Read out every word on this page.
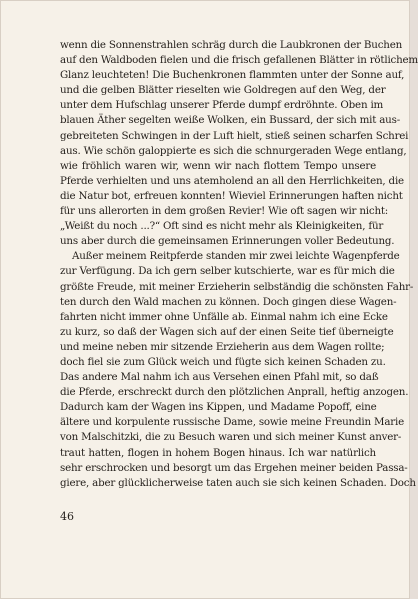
wenn die Sonnenstrahlen schräg durch die Laubkronen der Buchen
auf den Waldboden fielen und die frisch gefallenen Blätter in rötlichem
Glanz leuchteten! Die Buchenkronen flammten unter der Sonne auf,
und die gelben Blätter rieselten wie Goldregen auf den Weg, der
unter dem Hufschlag unserer Pferde dumpf erdröhnte. Oben im
blauen Äther segelten weiße Wolken, ein Bussard, der sich mit aus-
gebreiteten Schwingen in der Luft hielt, stieß seinen scharfen Schrei
aus. Wie schön galoppierte es sich die schnurgeraden Wege entlang,
wie fröhlich waren wir, wenn wir nach flottem Tempo unsere
Pferde verhielten und uns atemholend an all den Herrlichkeiten, die
die Natur bot, erfreuen konnten! Wieviel Erinnerungen haften nicht
für uns allerorten in dem großen Revier! Wie oft sagen wir nicht:
„Weißt du noch ...?“ Oft sind es nicht mehr als Kleinigkeiten, für
uns aber durch die gemeinsamen Erinnerungen voller Bedeutung.
Außer meinem Reitpferde standen mir zwei leichte Wagenpferde
zur Verfügung. Da ich gern selber kutschierte, war es für mich die
größte Freude, mit meiner Erzieherin selbständig die schönsten Fahr-
ten durch den Wald machen zu können. Doch gingen diese Wagen-
fahrten nicht immer ohne Unfälle ab. Einmal nahm ich eine Ecke
zu kurz, so daß der Wagen sich auf der einen Seite tief überneigte
und meine neben mir sitzende Erzieherin aus dem Wagen rollte;
doch fiel sie zum Glück weich und fügte sich keinen Schaden zu.
Das andere Mal nahm ich aus Versehen einen Pfahl mit, so daß
die Pferde, erschreckt durch den plötzlichen Anprall, heftig anzogen.
Dadurch kam der Wagen ins Kippen, und Madame Popoff, eine
ältere und korpulente russische Dame, sowie meine Freundin Marie
von Malschitzki, die zu Besuch waren und sich meiner Kunst anver-
traut hatten, flogen in hohem Bogen hinaus. Ich war natürlich
sehr erschrocken und besorgt um das Ergehen meiner beiden Passa-
giere, aber glücklicherweise taten auch sie sich keinen Schaden. Doch
46
